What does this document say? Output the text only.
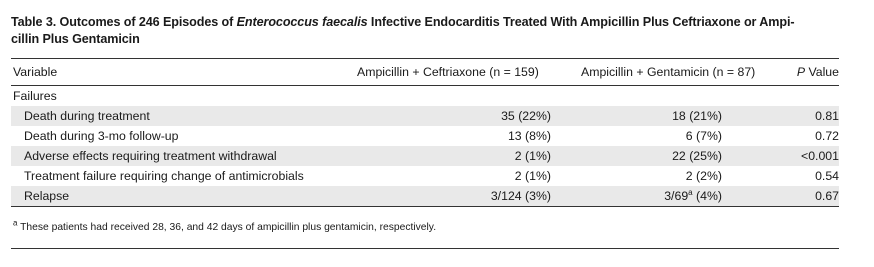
Table 3. Outcomes of 246 Episodes of Enterococcus faecalis Infective Endocarditis Treated With Ampicillin Plus Ceftriaxone or Ampi-
cillin Plus Gentamicin
Variable	Ampicillin + Ceftriaxone (n = 159)	Ampicillin + Gentamicin (n = 87)	P Value
Failures
Death during treatment	35 (22%)	18 (21%)	0.81
Death during 3-mo follow-up	13 (8%)	6 (7%)	0.72
Adverse effects requiring treatment withdrawal	2 (1%)	22 (25%)	<0.001
Treatment failure requiring change of antimicrobials	2 (1%)	2 (2%)	0.54
Relapse	3/124 (3%)	3/69$^a$ (4%)	0.67
$^a$ These patients had received 28, 36, and 42 days of ampicillin plus gentamicin, respectively.
